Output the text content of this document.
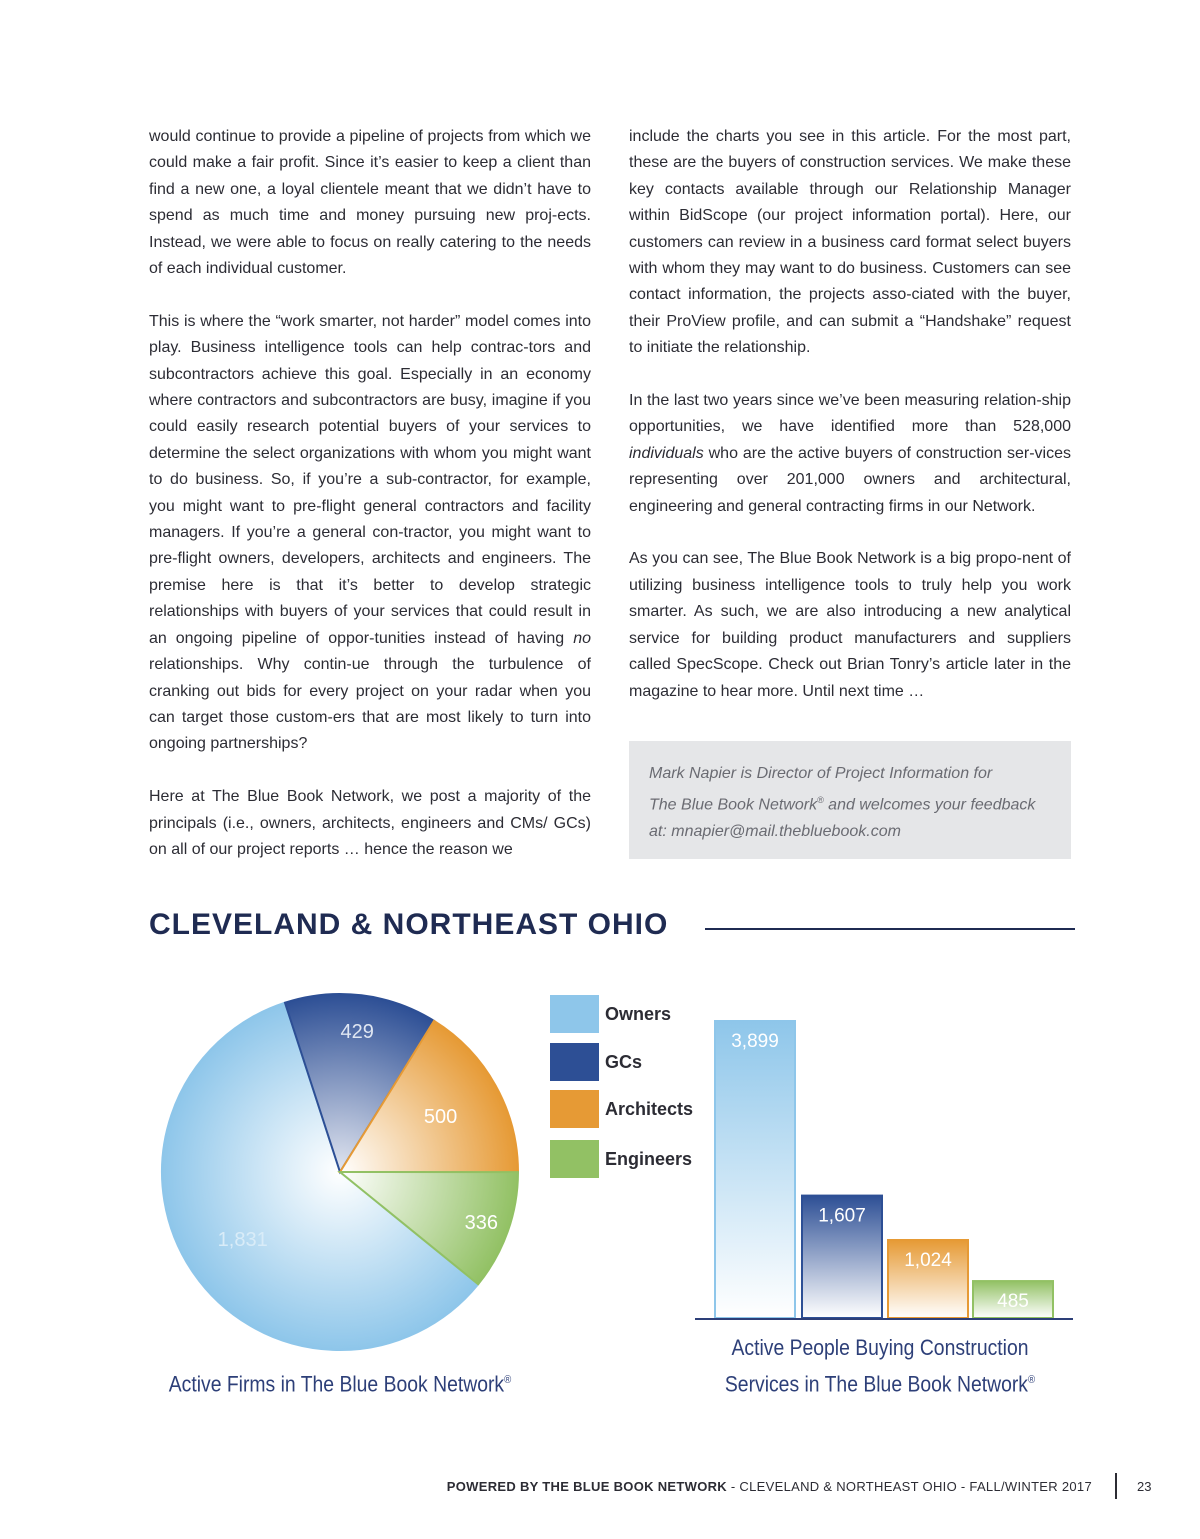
would continue to provide a pipeline of projects from which we could make a fair profit. Since it’s easier to keep a client than find a new one, a loyal clientele meant that we didn’t have to spend as much time and money pursuing new proj-ects. Instead, we were able to focus on really catering to the needs of each individual customer.

This is where the “work smarter, not harder” model comes into play. Business intelligence tools can help contrac-tors and subcontractors achieve this goal. Especially in an economy where contractors and subcontractors are busy, imagine if you could easily research potential buyers of your services to determine the select organizations with whom you might want to do business. So, if you’re a sub-contractor, for example, you might want to pre-flight general contractors and facility managers. If you’re a general con-tractor, you might want to pre-flight owners, developers, architects and engineers. The premise here is that it’s better to develop strategic relationships with buyers of your services that could result in an ongoing pipeline of oppor-tunities instead of having no relationships. Why contin-ue through the turbulence of cranking out bids for every project on your radar when you can target those custom-ers that are most likely to turn into ongoing partnerships?

Here at The Blue Book Network, we post a majority of the principals (i.e., owners, architects, engineers and CMs/ GCs) on all of our project reports … hence the reason we

include the charts you see in this article. For the most part, these are the buyers of construction services. We make these key contacts available through our Relationship Manager within BidScope (our project information portal). Here, our customers can review in a business card format select buyers with whom they may want to do business. Customers can see contact information, the projects asso-ciated with the buyer, their ProView profile, and can submit a “Handshake” request to initiate the relationship.

In the last two years since we’ve been measuring relation-ship opportunities, we have identified more than 528,000 individuals who are the active buyers of construction ser-vices representing over 201,000 owners and architectural, engineering and general contracting firms in our Network.

As you can see, The Blue Book Network is a big propo-nent of utilizing business intelligence tools to truly help you work smarter. As such, we are also introducing a new analytical service for building product manufacturers and suppliers called SpecScope. Check out Brian Tonry’s article later in the magazine to hear more. Until next time …

Mark Napier is Director of Project Information for
The Blue Book Network® and welcomes your feedback
at: mnapier@mail.thebluebook.com
CLEVELAND & NORTHEAST OHIO
1,831
429
500
336
Owners
GCs
Architects
Engineers
3,899
1,607
1,024
485
Active Firms in The Blue Book Network®
Active People Buying Construction
Services in The Blue Book Network®
POWERED BY THE BLUE BOOK NETWORK - CLEVELAND & NORTHEAST OHIO - FALL/WINTER 2017	23
